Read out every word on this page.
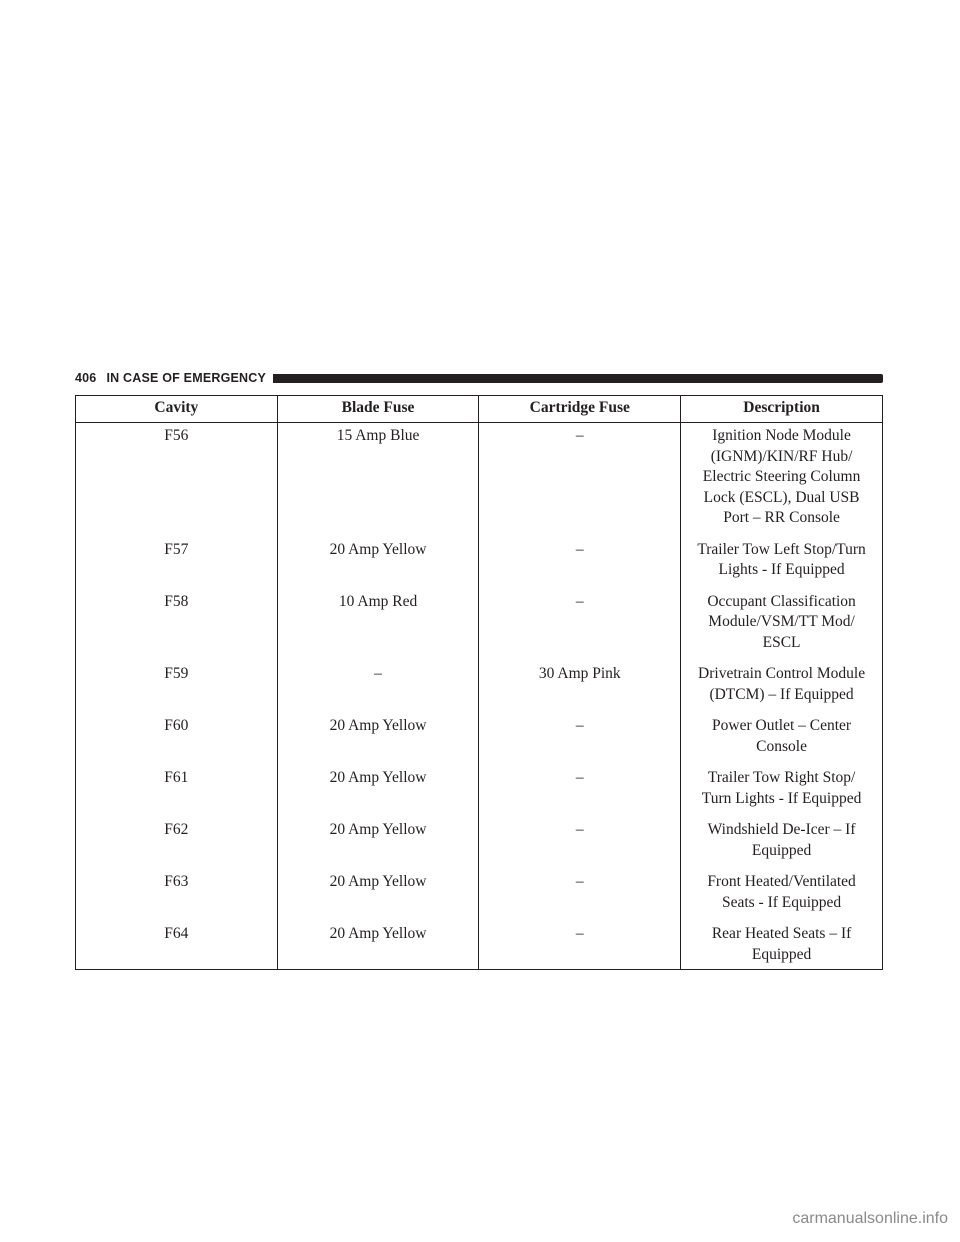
406 IN CASE OF EMERGENCY
Cavity	Blade Fuse	Cartridge Fuse	Description
F56	15 Amp Blue	–	Ignition Node Module
(IGNM)/KIN/RF Hub/
Electric Steering Column
Lock (ESCL), Dual USB
Port – RR Console

F57	20 Amp Yellow	–	Trailer Tow Left Stop/Turn
Lights - If Equipped

F58	10 Amp Red	–	Occupant Classification
Module/VSM/TT Mod/
ESCL

F59	–	30 Amp Pink	Drivetrain Control Module
(DTCM) – If Equipped

F60	20 Amp Yellow	–	Power Outlet – Center
Console

F61	20 Amp Yellow	–	Trailer Tow Right Stop/
Turn Lights - If Equipped

F62	20 Amp Yellow	–	Windshield De-Icer – If
Equipped

F63	20 Amp Yellow	–	Front Heated/Ventilated
Seats - If Equipped

F64	20 Amp Yellow	–	Rear Heated Seats – If
Equipped
carmanualsonline.info
